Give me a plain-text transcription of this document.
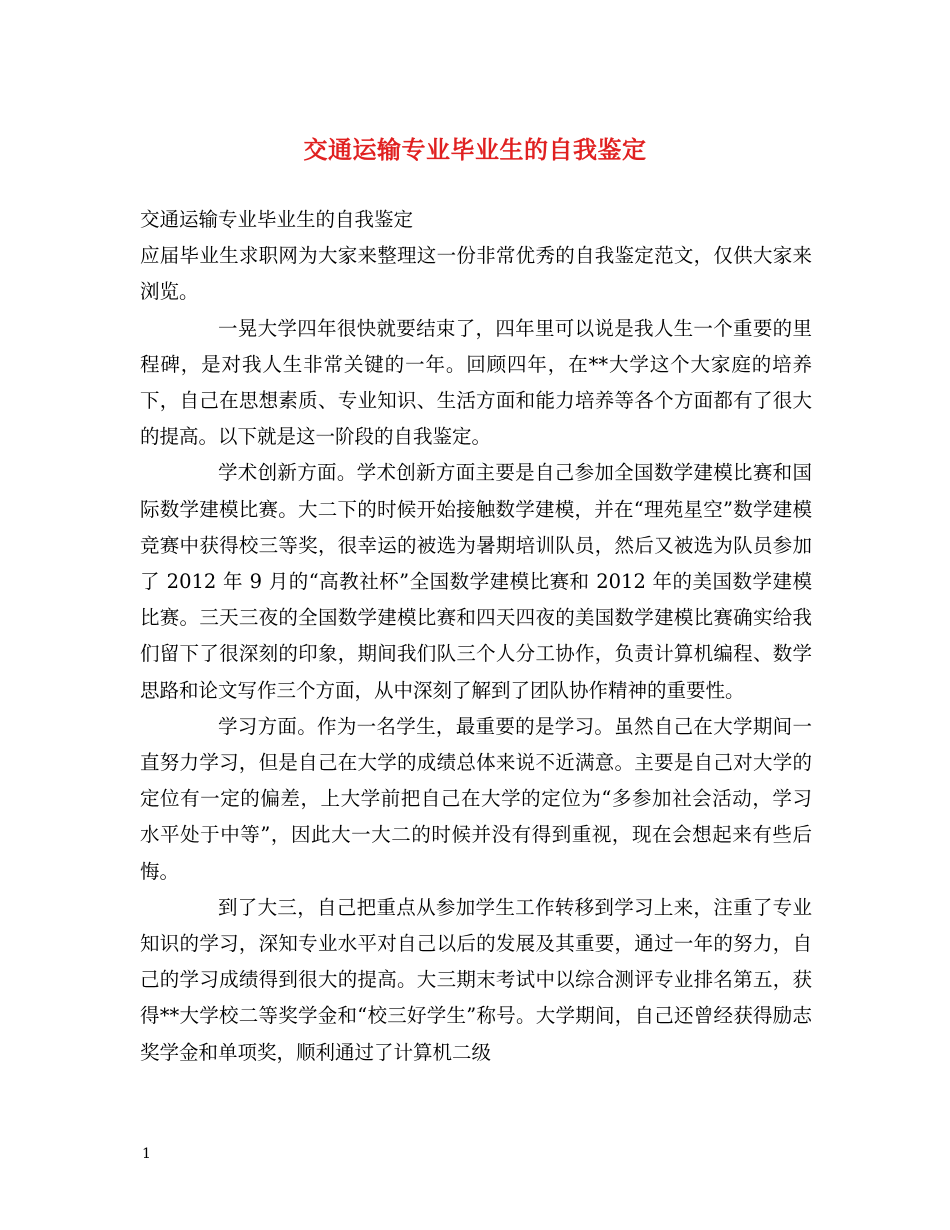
交通运输专业毕业生的自我鉴定

交通运输专业毕业生的自我鉴定

应届毕业生求职网为大家来整理这一份非常优秀的自我鉴定范文，仅供大家来浏览。

一晃大学四年很快就要结束了，四年里可以说是我人生一个重要的里程碑，是对我人生非常关键的一年。回顾四年，在**大学这个大家庭的培养下，自己在思想素质、专业知识、生活方面和能力培养等各个方面都有了很大的提高。以下就是这一阶段的自我鉴定。

学术创新方面。学术创新方面主要是自己参加全国数学建模比赛和国际数学建模比赛。大二下的时候开始接触数学建模，并在“理苑星空”数学建模竞赛中获得校三等奖，很幸运的被选为暑期培训队员，然后又被选为队员参加了 2012 年 9 月的“高教社杯”全国数学建模比赛和 2012 年的美国数学建模比赛。三天三夜的全国数学建模比赛和四天四夜的美国数学建模比赛确实给我们留下了很深刻的印象，期间我们队三个人分工协作，负责计算机编程、数学思路和论文写作三个方面，从中深刻了解到了团队协作精神的重要性。

学习方面。作为一名学生，最重要的是学习。虽然自己在大学期间一直努力学习，但是自己在大学的成绩总体来说不近满意。主要是自己对大学的定位有一定的偏差，上大学前把自己在大学的定位为“多参加社会活动，学习水平处于中等”，因此大一大二的时候并没有得到重视，现在会想起来有些后悔。

到了大三，自己把重点从参加学生工作转移到学习上来，注重了专业知识的学习，深知专业水平对自己以后的发展及其重要，通过一年的努力，自己的学习成绩得到很大的提高。大三期末考试中以综合测评专业排名第五，获得**大学校二等奖学金和“校三好学生”称号。大学期间，自己还曾经获得励志奖学金和单项奖，顺利通过了计算机二级

1
